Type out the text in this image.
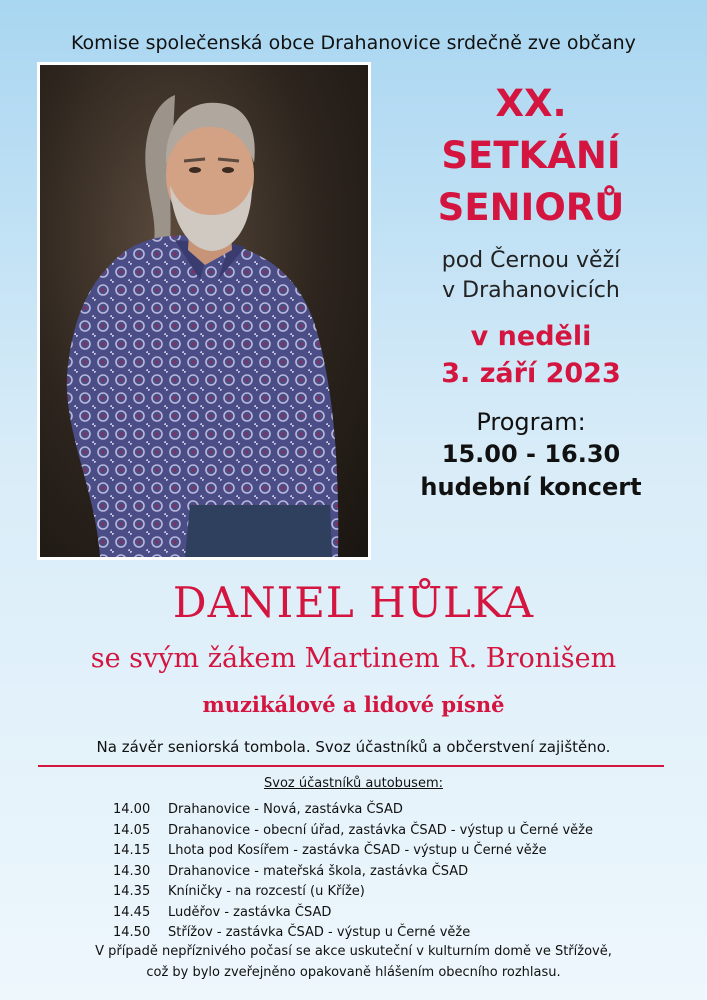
Komise společenská obce Drahanovice srdečně zve občany
XX.
SETKÁNÍ
SENIORŮ
pod Černou věží
v Drahanovicích
v neděli
3. září 2023
Program:
15.00 - 16.30
hudební koncert
DANIEL HŮLKA
se svým žákem Martinem R. Bronišem
muzikálové a lidové písně
Na závěr seniorská tombola. Svoz účastníků a občerstvení zajištěno.
Svoz účastníků autobusem:
14.00 Drahanovice - Nová, zastávka ČSAD
14.05 Drahanovice - obecní úřad, zastávka ČSAD - výstup u Černé věže
14.15 Lhota pod Kosířem - zastávka ČSAD - výstup u Černé věže
14.30 Drahanovice - mateřská škola, zastávka ČSAD
14.35 Kníničky - na rozcestí (u Kříže)
14.45 Luděřov - zastávka ČSAD
14.50 Střížov - zastávka ČSAD - výstup u Černé věže
V případě nepříznivého počasí se akce uskuteční v kulturním domě ve Střížově,
což by bylo zveřejněno opakovaně hlášením obecního rozhlasu.
